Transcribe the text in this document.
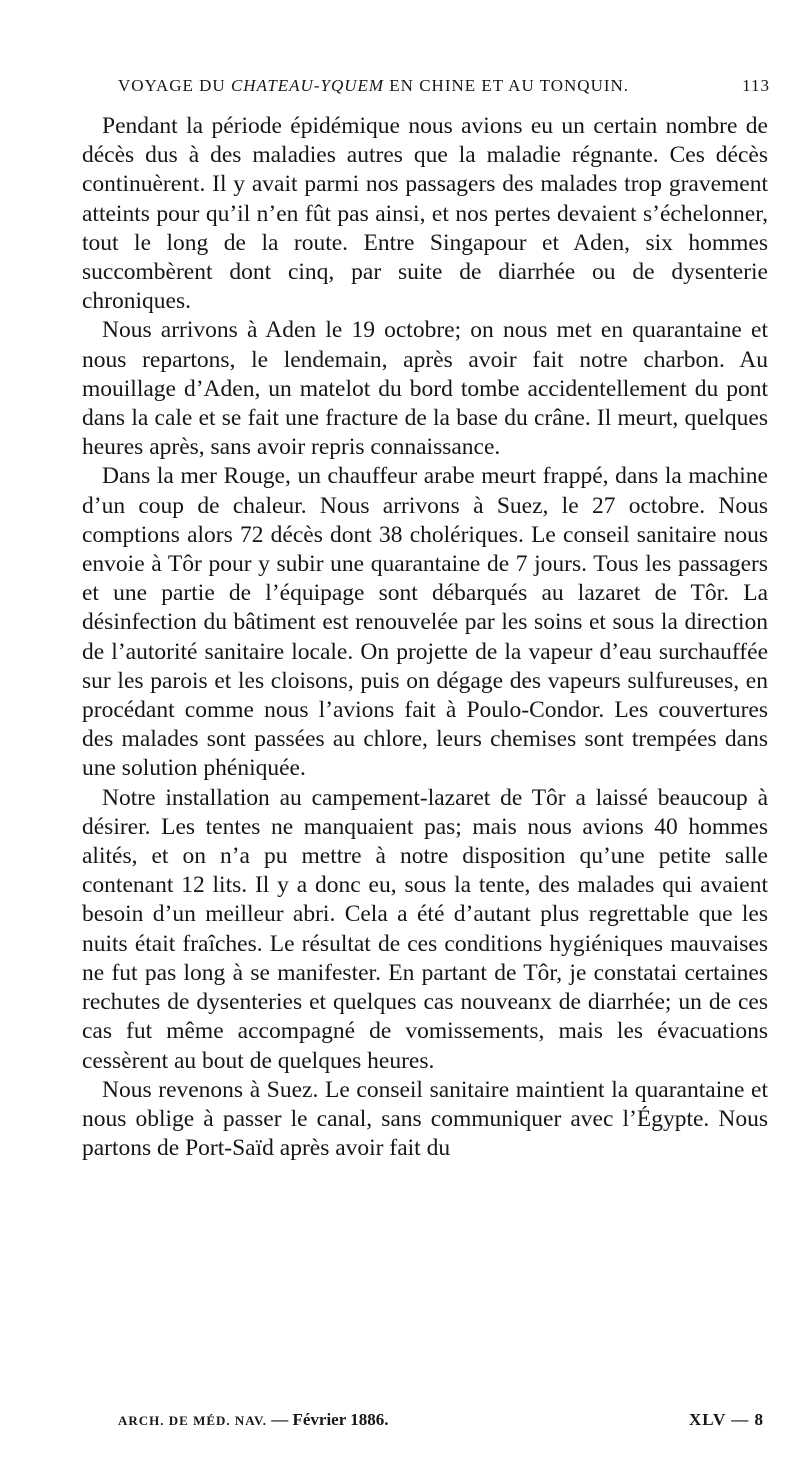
VOYAGE DU CHATEAU-YQUEM EN CHINE ET AU TONQUIN.	113

Pendant la période épidémique nous avions eu un certain nombre de décès dus à des maladies autres que la maladie régnante. Ces décès continuèrent. Il y avait parmi nos passagers des malades trop gravement atteints pour qu’il n’en fût pas ainsi, et nos pertes devaient s’échelonner, tout le long de la route. Entre Singapour et Aden, six hommes succombèrent dont cinq, par suite de diarrhée ou de dysenterie chroniques.

Nous arrivons à Aden le 19 octobre; on nous met en quarantaine et nous repartons, le lendemain, après avoir fait notre charbon. Au mouillage d’Aden, un matelot du bord tombe accidentellement du pont dans la cale et se fait une fracture de la base du crâne. Il meurt, quelques heures après, sans avoir repris connaissance.

Dans la mer Rouge, un chauffeur arabe meurt frappé, dans la machine d’un coup de chaleur. Nous arrivons à Suez, le 27 octobre. Nous comptions alors 72 décès dont 38 cholériques. Le conseil sanitaire nous envoie à Tôr pour y subir une quarantaine de 7 jours. Tous les passagers et une partie de l’équipage sont débarqués au lazaret de Tôr. La désinfection du bâtiment est renouvelée par les soins et sous la direction de l’autorité sanitaire locale. On projette de la vapeur d’eau surchauffée sur les parois et les cloisons, puis on dégage des vapeurs sulfureuses, en procédant comme nous l’avions fait à Poulo-Condor. Les couvertures des malades sont passées au chlore, leurs chemises sont trempées dans une solution phéniquée.

Notre installation au campement-lazaret de Tôr a laissé beaucoup à désirer. Les tentes ne manquaient pas; mais nous avions 40 hommes alités, et on n’a pu mettre à notre disposition qu’une petite salle contenant 12 lits. Il y a donc eu, sous la tente, des malades qui avaient besoin d’un meilleur abri. Cela a été d’autant plus regrettable que les nuits était fraîches. Le résultat de ces conditions hygiéniques mauvaises ne fut pas long à se manifester. En partant de Tôr, je constatai certaines rechutes de dysenteries et quelques cas nouveanx de diarrhée; un de ces cas fut même accompagné de vomissements, mais les évacuations cessèrent au bout de quelques heures.

Nous revenons à Suez. Le conseil sanitaire maintient la quarantaine et nous oblige à passer le canal, sans communiquer avec l’Égypte. Nous partons de Port-Saïd après avoir fait du

ARCH. DE MÉD. NAV. — Février 1886.	XLV — 8
